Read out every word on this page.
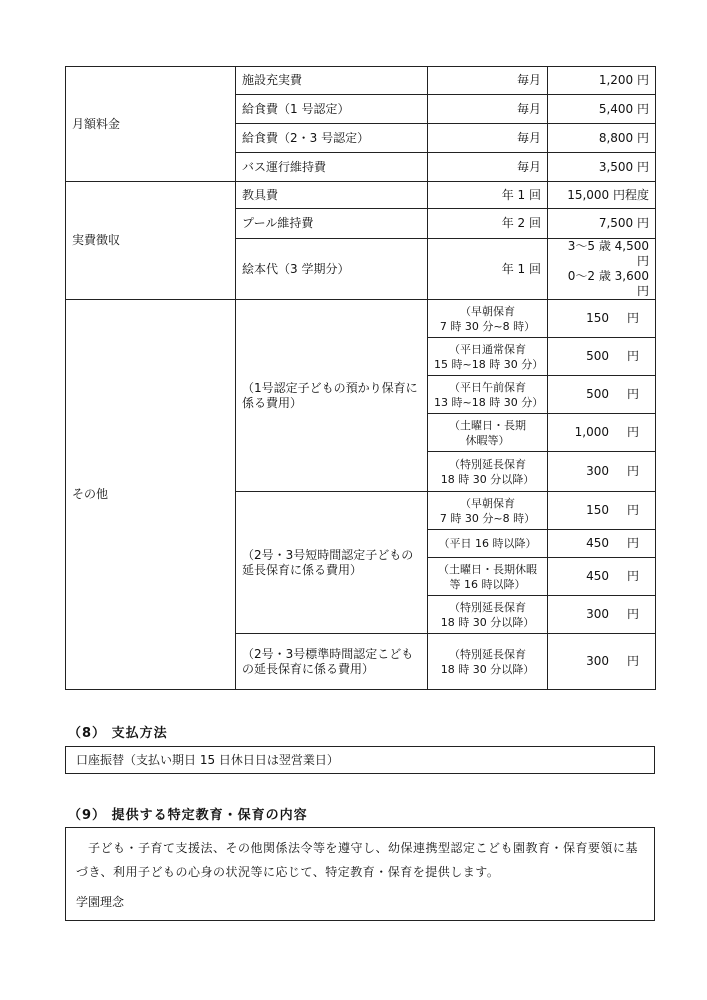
月額料金	施設充実費	毎月	1,200 円
	給食費（1 号認定）	毎月	5,400 円
	給食費（2・3 号認定）	毎月	8,800 円
	バス運行維持費	毎月	3,500 円
実費徴収	教具費	年 1 回	15,000 円程度
	プール維持費	年 2 回	7,500 円
	絵本代（3 学期分）	年 1 回	3～5 歳 4,500 円
0～2 歳 3,600 円

その他	（1号認定子どもの預かり保育に係る費用）	（早朝保育
7 時 30 分~8 時）	150 円

		（平日通常保育
15 時~18 時 30 分）	500 円

		（平日午前保育
13 時~18 時 30 分）	500 円

		（土曜日・長期
休暇等）	1,000 円

		（特別延長保育
18 時 30 分以降）	300 円

	（2号・3号短時間認定子どもの延長保育に係る費用）	（早朝保育
7 時 30 分~8 時）	150 円

		（平日 16 時以降）	450 円

		（土曜日・長期休暇
等 16 時以降）	450 円

		（特別延長保育
18 時 30 分以降）	300 円

	（2号・3号標準時間認定こどもの延長保育に係る費用）	（特別延長保育
18 時 30 分以降）	300 円
（8） 支払方法
口座振替（支払い期日 15 日休日日は翌営業日）
（9） 提供する特定教育・保育の内容

子ども・子育て支援法、その他関係法令等を遵守し、幼保連携型認定こども園教育・保育要領に基づき、利用子どもの心身の状況等に応じて、特定教育・保育を提供します。

学園理念
